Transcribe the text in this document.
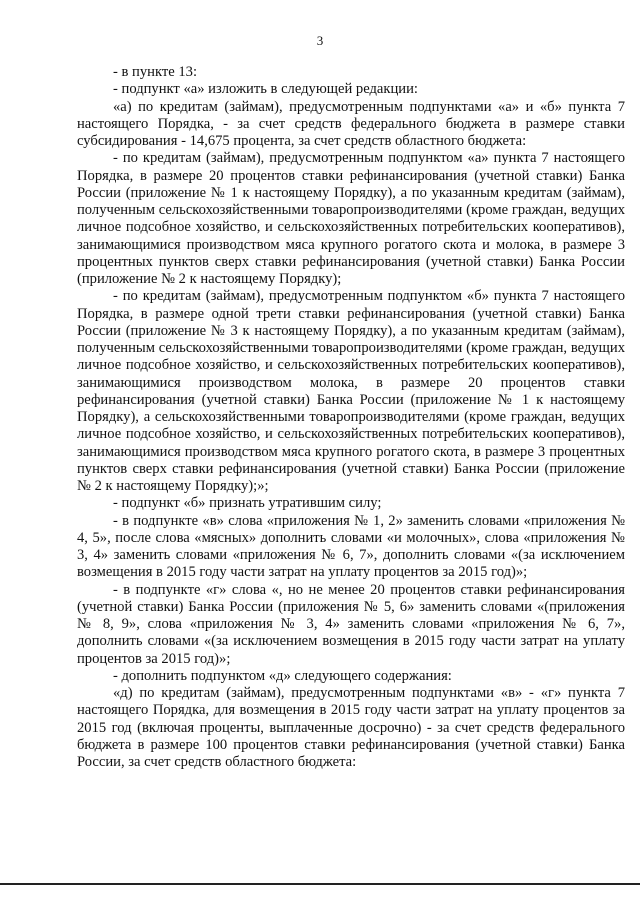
3

- в пункте 13:

- подпункт «а» изложить в следующей редакции:

«а) по кредитам (займам), предусмотренным подпунктами «а» и «б» пункта 7 настоящего Порядка, - за счет средств федерального бюджета в размере ставки субсидирования - 14,675 процента, за счет средств областного бюджета:

- по кредитам (займам), предусмотренным подпунктом «а» пункта 7 настоящего Порядка, в размере 20 процентов ставки рефинансирования (учетной ставки) Банка России (приложение № 1 к настоящему Порядку), а по указанным кредитам (займам), полученным сельскохозяйственными товаропроизводителями (кроме граждан, ведущих личное подсобное хозяйство, и сельскохозяйственных потребительских кооперативов), занимающимися производством мяса крупного рогатого скота и молока, в размере 3 процентных пунктов сверх ставки рефинансирования (учетной ставки) Банка России (приложение № 2 к настоящему Порядку);

- по кредитам (займам), предусмотренным подпунктом «б» пункта 7 настоящего Порядка, в размере одной трети ставки рефинансирования (учетной ставки) Банка России (приложение № 3 к настоящему Порядку), а по указанным кредитам (займам), полученным сельскохозяйственными товаропроизводителями (кроме граждан, ведущих личное подсобное хозяйство, и сельскохозяйственных потребительских кооперативов), занимающимися производством молока, в размере 20 процентов ставки рефинансирования (учетной ставки) Банка России (приложение № 1 к настоящему Порядку), а сельскохозяйственными товаропроизводителями (кроме граждан, ведущих личное подсобное хозяйство, и сельскохозяйственных потребительских кооперативов), занимающимися производством мяса крупного рогатого скота, в размере 3 процентных пунктов сверх ставки рефинансирования (учетной ставки) Банка России (приложение № 2 к настоящему Порядку);»;

- подпункт «б» признать утратившим силу;

- в подпункте «в» слова «приложения № 1, 2» заменить словами «приложения № 4, 5», после слова «мясных» дополнить словами «и молочных», слова «приложения № 3, 4» заменить словами «приложения № 6, 7», дополнить словами «(за исключением возмещения в 2015 году части затрат на уплату процентов за 2015 год)»;

- в подпункте «г» слова «, но не менее 20 процентов ставки рефинансирования (учетной ставки) Банка России (приложения № 5, 6» заменить словами «(приложения № 8, 9», слова «приложения № 3, 4» заменить словами «приложения № 6, 7», дополнить словами «(за исключением возмещения в 2015 году части затрат на уплату процентов за 2015 год)»;

- дополнить подпунктом «д» следующего содержания:

«д) по кредитам (займам), предусмотренным подпунктами «в» - «г» пункта 7 настоящего Порядка, для возмещения в 2015 году части затрат на уплату процентов за 2015 год (включая проценты, выплаченные досрочно) - за счет средств федерального бюджета в размере 100 процентов ставки рефинансирования (учетной ставки) Банка России, за счет средств областного бюджета:
